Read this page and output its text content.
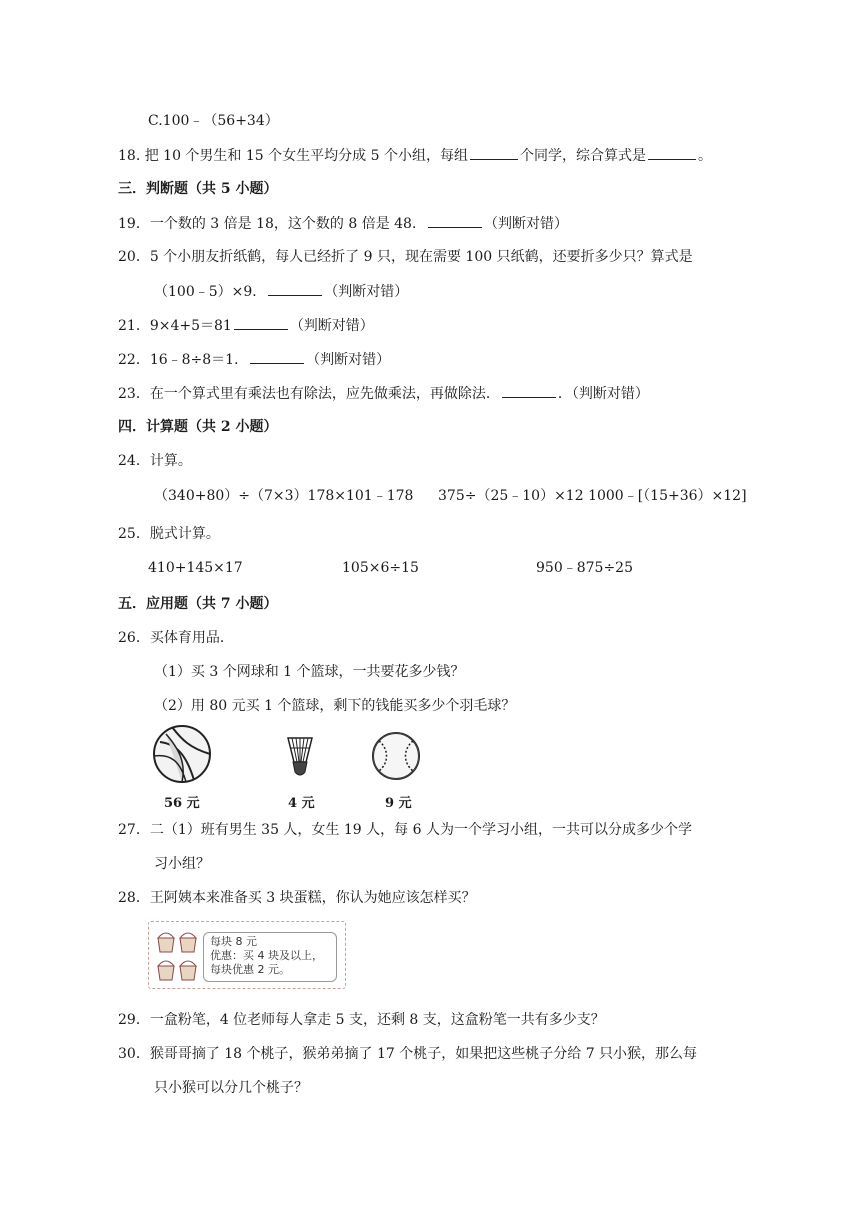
C.100﹣（56+34）
18. 把 10 个男生和 15 个女生平均分成 5 个小组，每组	个同学，综合算式是	。
三．判断题（共 5 小题）
19．一个数的 3 倍是 18，这个数的 8 倍是 48．	（判断对错）
20．5 个小朋友折纸鹤，每人已经折了 9 只，现在需要 100 只纸鹤，还要折多少只？算式是
（100﹣5）×9．	（判断对错）
21．9×4+5＝81	（判断对错）
22．16﹣8÷8＝1．	（判断对错）
23．在一个算式里有乘法也有除法，应先做乘法，再做除法．	．（判断对错）
四．计算题（共 2 小题）
24．计算。
（340+80）÷（7×3）178×101﹣178 375÷（25﹣10）×12 1000﹣[（15+36）×12]
25．脱式计算。
410+145×17	105×6÷15	950﹣875÷25
五．应用题（共 7 小题）
26．买体育用品．
（1）买 3 个网球和 1 个篮球，一共要花多少钱？
（2）用 80 元买 1 个篮球，剩下的钱能买多少个羽毛球？
56 元	4 元	9 元
27．二（1）班有男生 35 人，女生 19 人，每 6 人为一个学习小组，一共可以分成多少个学
习小组？
28．王阿姨本来准备买 3 块蛋糕，你认为她应该怎样买？
每块 8 元
优惠：买 4 块及以上，
每块优惠 2 元。
29．一盒粉笔，4 位老师每人拿走 5 支，还剩 8 支，这盒粉笔一共有多少支？
30．猴哥哥摘了 18 个桃子，猴弟弟摘了 17 个桃子，如果把这些桃子分给 7 只小猴，那么每
只小猴可以分几个桃子？
